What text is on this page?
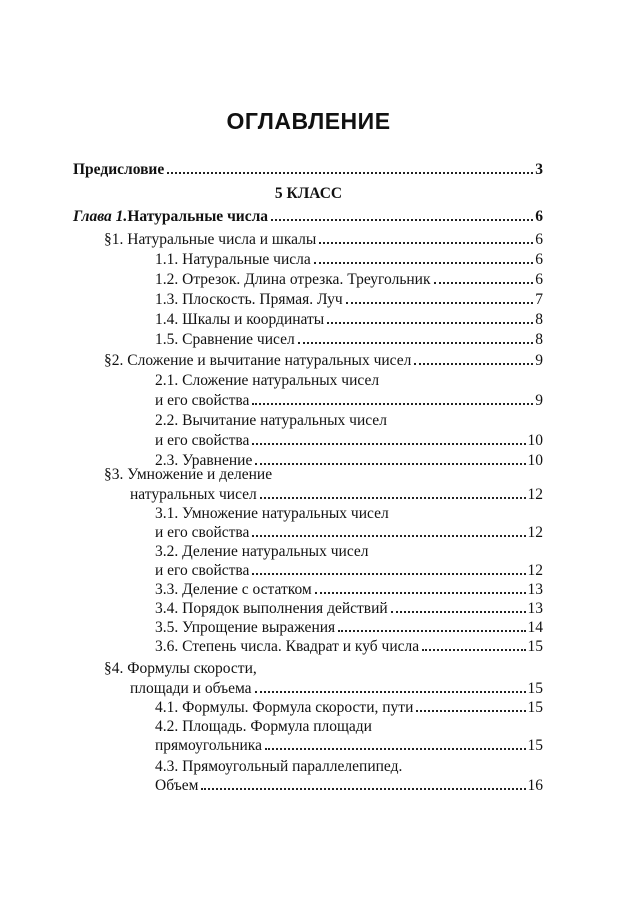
ОГЛАВЛЕНИЕ
Предисловие	3
5 КЛАСС
Глава 1. Натуральные числа	6
§1. Натуральные числа и шкалы	6
1.1. Натуральные числа	6
1.2. Отрезок. Длина отрезка. Треугольник	6
1.3. Плоскость. Прямая. Луч	7
1.4. Шкалы и координаты	8
1.5. Сравнение чисел	8
§2. Сложение и вычитание натуральных чисел	9
2.1. Сложение натуральных чисел
и его свойства	9
2.2. Вычитание натуральных чисел
и его свойства	10
2.3. Уравнение	10
§3. Умножение и деление
натуральных чисел	12
3.1. Умножение натуральных чисел
и его свойства	12
3.2. Деление натуральных чисел
и его свойства	12
3.3. Деление с остатком	13
3.4. Порядок выполнения действий	13
3.5. Упрощение выражения	14
3.6. Степень числа. Квадрат и куб числа	15
§4. Формулы скорости,
площади и объема	15
4.1. Формулы. Формула скорости, пути	15
4.2. Площадь. Формула площади
прямоугольника	15
4.3. Прямоугольный параллелепипед.
Объем	16
